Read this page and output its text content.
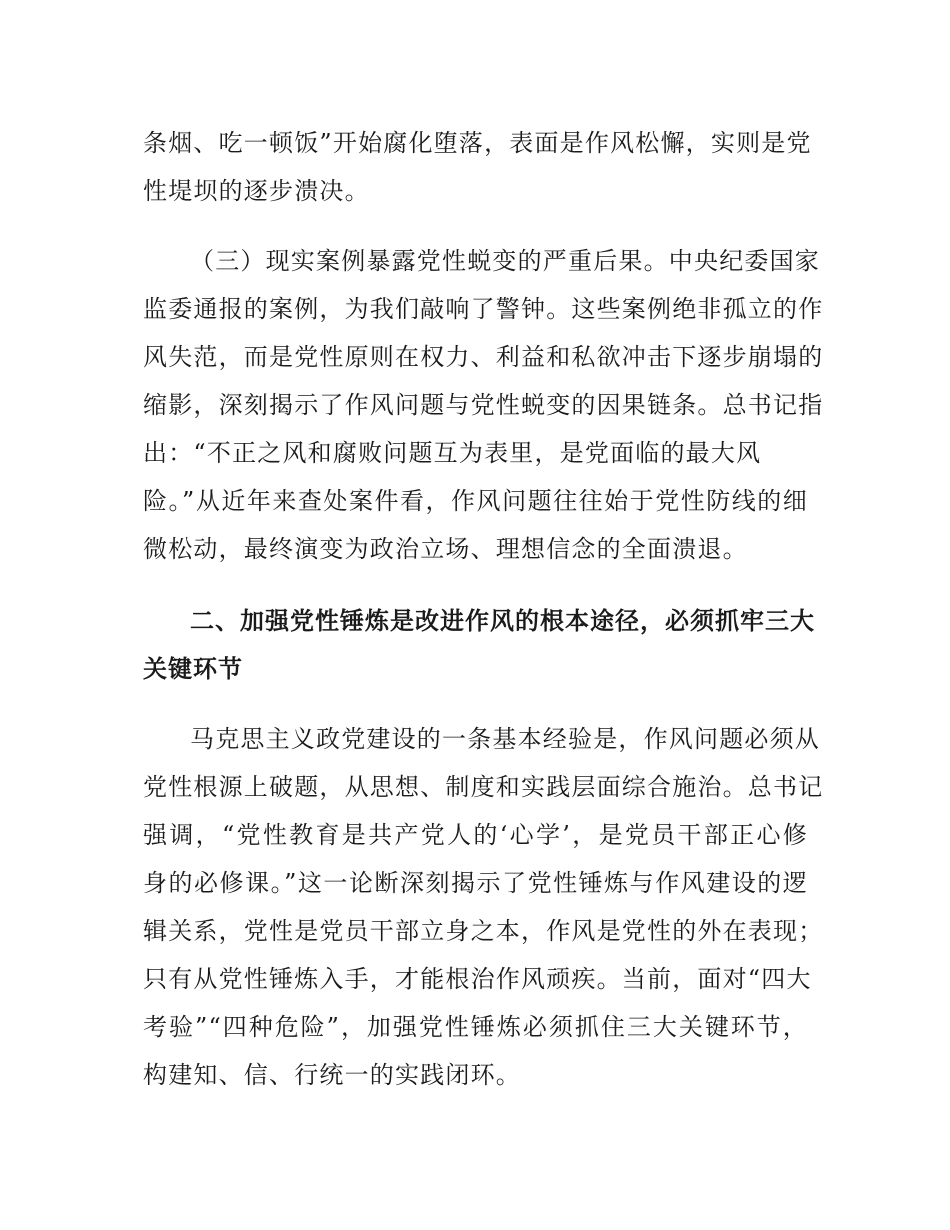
条烟、吃一顿饭”开始腐化堕落，表面是作风松懈，实则是党
性堤坝的逐步溃决。
（三）现实案例暴露党性蜕变的严重后果。中央纪委国家
监委通报的案例，为我们敲响了警钟。这些案例绝非孤立的作
风失范，而是党性原则在权力、利益和私欲冲击下逐步崩塌的
缩影，深刻揭示了作风问题与党性蜕变的因果链条。总书记指
出：“不正之风和腐败问题互为表里，是党面临的最大风
险。”从近年来查处案件看，作风问题往往始于党性防线的细
微松动，最终演变为政治立场、理想信念的全面溃退。
二、加强党性锤炼是改进作风的根本途径，必须抓牢三大
关键环节
马克思主义政党建设的一条基本经验是，作风问题必须从
党性根源上破题，从思想、制度和实践层面综合施治。总书记
强调，“党性教育是共产党人的‘心学’，是党员干部正心修
身的必修课。”这一论断深刻揭示了党性锤炼与作风建设的逻
辑关系，党性是党员干部立身之本，作风是党性的外在表现；
只有从党性锤炼入手，才能根治作风顽疾。当前，面对“四大
考验”“四种危险”，加强党性锤炼必须抓住三大关键环节，
构建知、信、行统一的实践闭环。
